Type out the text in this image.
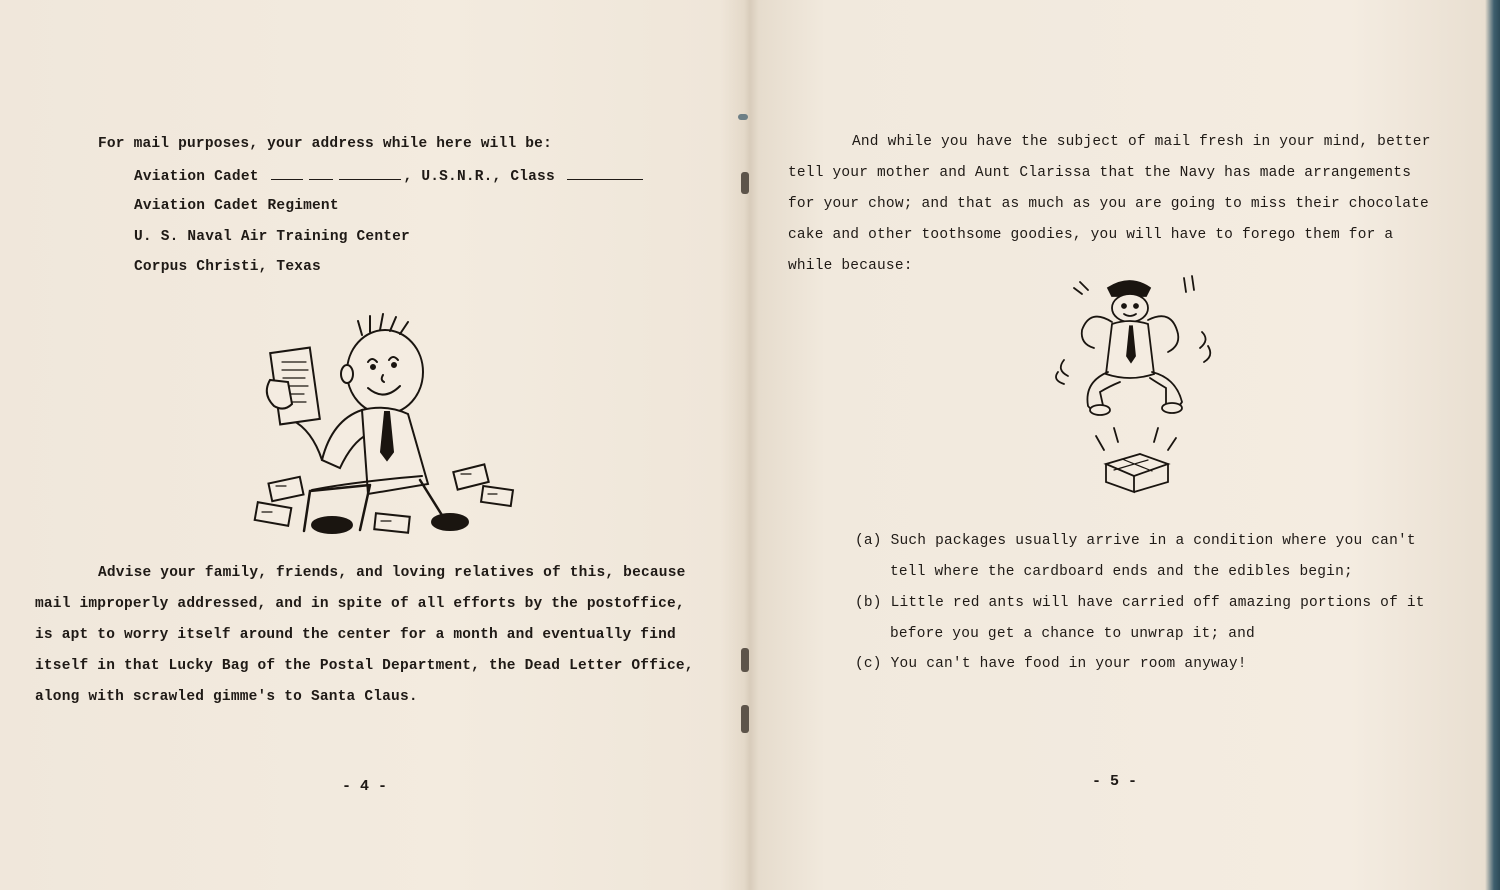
For mail purposes, your address while here will be:
Aviation Cadet	, U.S.N.R., Class
Aviation Cadet Regiment
U. S. Naval Air Training Center
Corpus Christi, Texas
Advise your family, friends, and loving relatives of this, because
mail improperly addressed, and in spite of all efforts by the postoffice,
is apt to worry itself around the center for a month and eventually find
itself in that Lucky Bag of the Postal Department, the Dead Letter Office,
along with scrawled gimme's to Santa Claus.
- 4 -
And while you have the subject of mail fresh in your mind, better
tell your mother and Aunt Clarissa that the Navy has made arrangements
for your chow; and that as much as you are going to miss their chocolate
cake and other toothsome goodies, you will have to forego them for a
while because:
(a) Such packages usually arrive in a condition where you can't
tell where the cardboard ends and the edibles begin;
(b) Little red ants will have carried off amazing portions of it
before you get a chance to unwrap it; and
(c) You can't have food in your room anyway!
- 5 -
